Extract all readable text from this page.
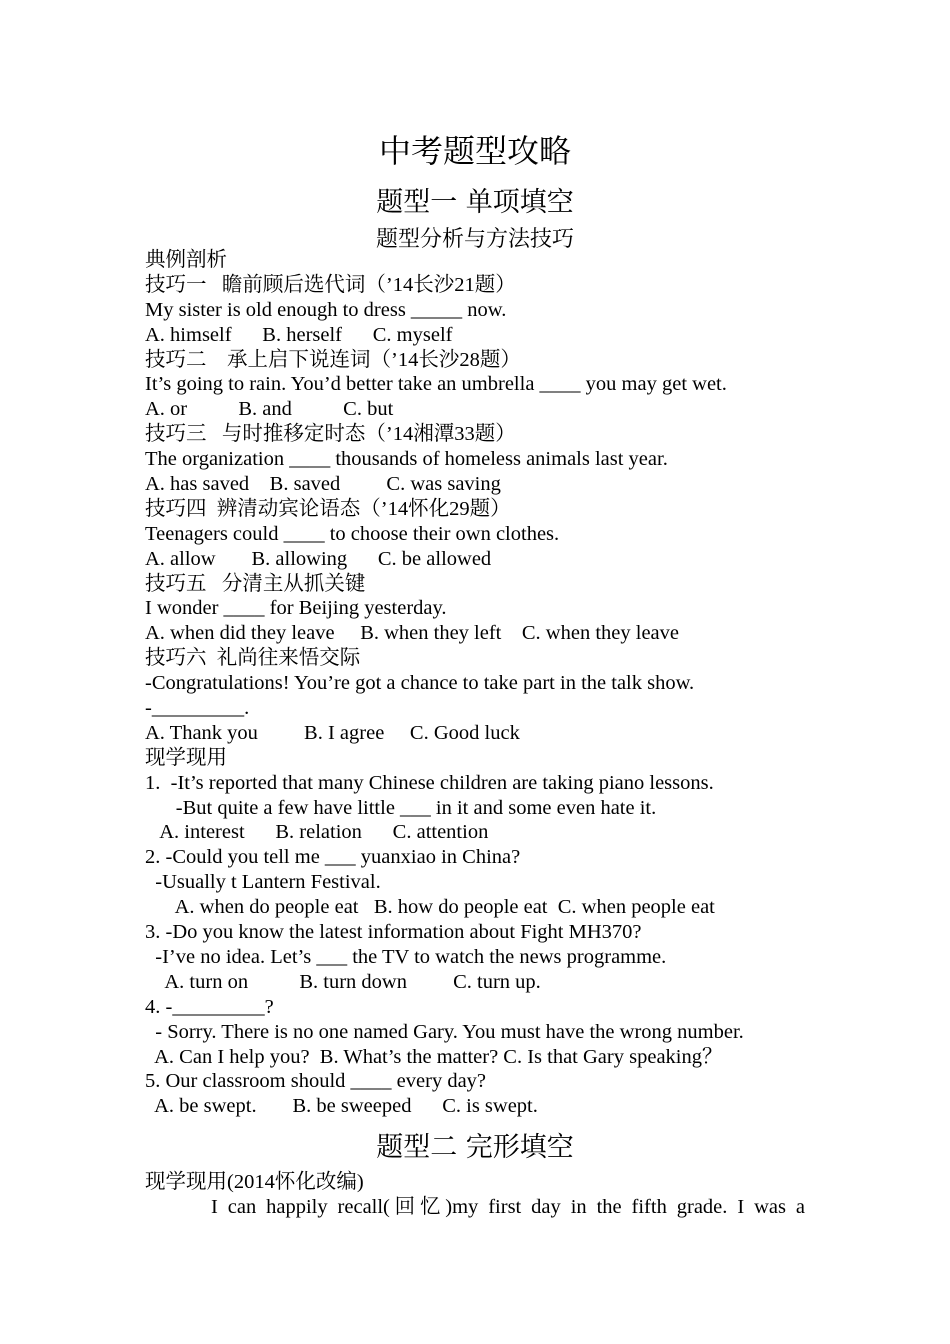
中考题型攻略
题型一 单项填空
题型分析与方法技巧
典例剖析
技巧一   瞻前顾后选代词（’14长沙21题）
My sister is old enough to dress _____ now.
A. himself      B. herself      C. myself
技巧二    承上启下说连词（’14长沙28题）
It’s going to rain. You’d better take an umbrella ____ you may get wet.
A. or          B. and          C. but
技巧三   与时推移定时态（’14湘潭33题）
The organization ____ thousands of homeless animals last year.
A. has saved    B. saved         C. was saving
技巧四  辨清动宾论语态（’14怀化29题）
Teenagers could ____ to choose their own clothes.
A. allow       B. allowing      C. be allowed
技巧五   分清主从抓关键
I wonder ____ for Beijing yesterday.
A. when did they leave     B. when they left    C. when they leave
技巧六  礼尚往来悟交际
-Congratulations! You’re got a chance to take part in the talk show.
-_________.
A. Thank you         B. I agree     C. Good luck
现学现用
1.  -It’s reported that many Chinese children are taking piano lessons.
-But quite a few have little ___ in it and some even hate it.
A. interest      B. relation      C. attention
2. -Could you tell me ___ yuanxiao in China?
-Usually t Lantern Festival.
A. when do people eat   B. how do people eat  C. when people eat
3. -Do you know the latest information about Fight MH370?
-I’ve no idea. Let’s ___ the TV to watch the news programme.
A. turn on          B. turn down         C. turn up.
4. -_________?
- Sorry. There is no one named Gary. You must have the wrong number.
A. Can I help you?  B. What’s the matter? C. Is that Gary speaking？
5. Our classroom should ____ every day?
A. be swept.       B. be sweeped      C. is swept.
题型二 完形填空
现学现用(2014怀化改编)
I can happily recall(回忆)my first day in the fifth grade. I was a
